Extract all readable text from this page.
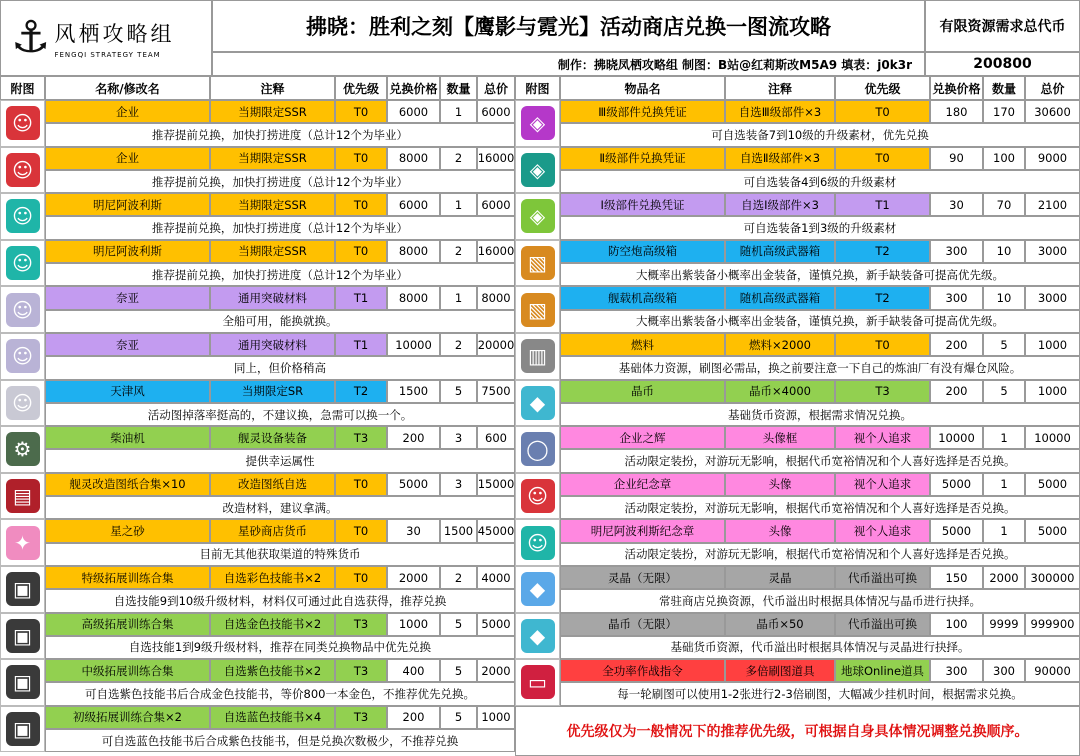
⚓ 风栖攻略组
FENGQI STRATEGY TEAM
拂晓：胜利之刻【鹰影与霓光】活动商店兑换一图流攻略
制作：拂晓凤栖攻略组 制图：B站@红莉斯改M5A9 填表：j0k3r
有限资源需求总代币
200800
附图	名称/修改名	注释	优先级 兑换价格 数量	总价	附图	物品名	注释	优先级	兑换价格 数量	总价
☺	企业	当期限定SSR	T0	6000	1	6000
推荐提前兑换，加快打捞进度（总计12个为毕业）
☺	企业	当期限定SSR	T0	8000	2	16000
推荐提前兑换，加快打捞进度（总计12个为毕业）
☺	明尼阿波利斯	当期限定SSR	T0	6000	1	6000
推荐提前兑换，加快打捞进度（总计12个为毕业）
☺	明尼阿波利斯	当期限定SSR	T0	8000	2	16000
推荐提前兑换，加快打捞进度（总计12个为毕业）
☺	奈亚	通用突破材料	T1	8000	1	8000
全船可用，能换就换。
☺	奈亚	通用突破材料	T1	10000	2	20000
同上，但价格稍高
☺	天津风	当期限定SR	T2	1500	5	7500
活动图掉落率挺高的，不建议换，急需可以换一个。
⚙	柴油机	舰灵设备装备	T3	200	3	600
提供幸运属性
▤	舰灵改造图纸合集×10	改造图纸自选	T0	5000	3	15000
改造材料，建议拿满。
✦	星之砂	星砂商店货币	T0	30	1500 45000
目前无其他获取渠道的特殊货币
▣	特级拓展训练合集	自选彩色技能书×2	T0	2000	2	4000
自选技能9到10级升级材料，材料仅可通过此自选获得，推荐兑换
▣	高级拓展训练合集	自选金色技能书×2	T3	1000	5	5000
自选技能1到9级升级材料，推荐在同类兑换物品中优先兑换
▣	中级拓展训练合集	自选紫色技能书×2	T3	400	5	2000
可自选紫色技能书后合成金色技能书，等价800一本金色，不推荐优先兑换。
▣	初级拓展训练合集×2	自选蓝色技能书×4	T3	200	5	1000
可自选蓝色技能书后合成紫色技能书，但是兑换次数极少，不推荐兑换
◈	Ⅲ级部件兑换凭证	自选Ⅲ级部件×3	T0	180	170	30600
可自选装备7到10级的升级素材，优先兑换
◈	Ⅱ级部件兑换凭证	自选Ⅱ级部件×3	T0	90	100	9000
可自选装备4到6级的升级素材
◈	Ⅰ级部件兑换凭证	自选Ⅰ级部件×3	T1	30	70	2100
可自选装备1到3级的升级素材
▧	防空炮高级箱	随机高级武器箱	T2	300	10	3000
大概率出紫装备小概率出金装备，谨慎兑换，新手缺装备可提高优先级。
▧	舰载机高级箱	随机高级武器箱	T2	300	10	3000
大概率出紫装备小概率出金装备，谨慎兑换，新手缺装备可提高优先级。
▥	燃料	燃料×2000	T0	200	5	1000
基础体力资源，刷图必需品，换之前要注意一下自己的炼油厂有没有爆仓风险。
◆	晶币	晶币×4000	T3	200	5	1000
基础货币资源，根据需求情况兑换。
◯	企业之辉	头像框	视个人追求	10000	1	10000
活动限定装扮，对游玩无影响，根据代币宽裕情况和个人喜好选择是否兑换。
☺	企业纪念章	头像	视个人追求	5000	1	5000
活动限定装扮，对游玩无影响，根据代币宽裕情况和个人喜好选择是否兑换。
☺	明尼阿波利斯纪念章	头像	视个人追求	5000	1	5000
活动限定装扮，对游玩无影响，根据代币宽裕情况和个人喜好选择是否兑换。
◆	灵晶（无限）	灵晶	代币溢出可换	150	2000	300000
常驻商店兑换资源，代币溢出时根据具体情况与晶币进行抉择。
◆	晶币（无限）	晶币×50	代币溢出可换	100	9999	999900
基础货币资源，代币溢出时根据具体情况与灵晶进行抉择。
▭	全功率作战指令	多倍刷图道具	地球Online道具	300	300	90000
每一轮刷图可以使用1-2张进行2-3倍刷图，大幅减少挂机时间，根据需求兑换。
优先级仅为一般情况下的推荐优先级，可根据自身具体情况调整兑换顺序。
